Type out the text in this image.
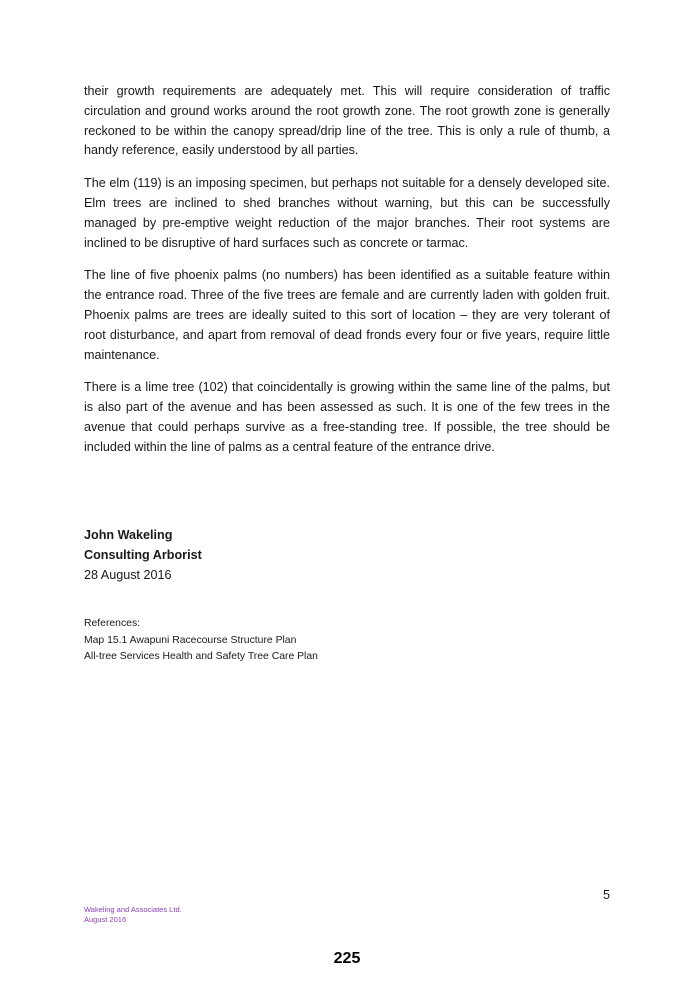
their growth requirements are adequately met. This will require consideration of traffic circulation and ground works around the root growth zone. The root growth zone is generally reckoned to be within the canopy spread/drip line of the tree. This is only a rule of thumb, a handy reference, easily understood by all parties.

The elm (119) is an imposing specimen, but perhaps not suitable for a densely developed site. Elm trees are inclined to shed branches without warning, but this can be successfully managed by pre-emptive weight reduction of the major branches. Their root systems are inclined to be disruptive of hard surfaces such as concrete or tarmac.

The line of five phoenix palms (no numbers) has been identified as a suitable feature within the entrance road. Three of the five trees are female and are currently laden with golden fruit. Phoenix palms are trees are ideally suited to this sort of location – they are very tolerant of root disturbance, and apart from removal of dead fronds every four or five years, require little maintenance.

There is a lime tree (102) that coincidentally is growing within the same line of the palms, but is also part of the avenue and has been assessed as such. It is one of the few trees in the avenue that could perhaps survive as a free-standing tree. If possible, the tree should be included within the line of palms as a central feature of the entrance drive.

John Wakeling
Consulting Arborist
28 August 2016
References:
Map 15.1 Awapuni Racecourse Structure Plan
All-tree Services Health and Safety Tree Care Plan
5
Wakeling and Associates Ltd.
August 2016
225
